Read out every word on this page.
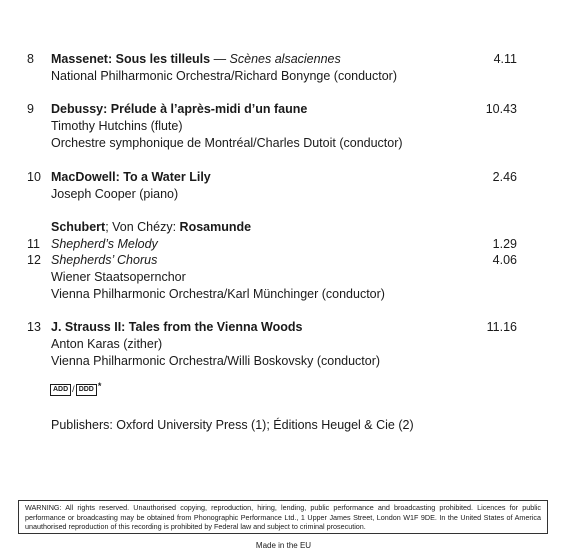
8 Massenet: Sous les tilleuls — Scènes alsaciennes	4.11
National Philharmonic Orchestra/Richard Bonynge (conductor)
9 Debussy: Prélude à l’après-midi d’un faune	10.43
Timothy Hutchins (flute)
Orchestre symphonique de Montréal/Charles Dutoit (conductor)
10 MacDowell: To a Water Lily	2.46
Joseph Cooper (piano)
Schubert; Von Chézy: Rosamunde
11 Shepherd’s Melody	1.29
12 Shepherds’ Chorus	4.06
Wiener Staatsopernchor
Vienna Philharmonic Orchestra/Karl Münchinger (conductor)
13 J. Strauss II: Tales from the Vienna Woods	11.16
Anton Karas (zither)
Vienna Philharmonic Orchestra/Willi Boskovsky (conductor)
ADD / DDD *
Publishers: Oxford University Press (1); Éditions Heugel & Cie (2)
WARNING: All rights reserved. Unauthorised copying, reproduction, hiring, lending, public performance and broadcasting prohibited. Licences for public performance or broadcasting may be obtained from Phonographic Performance Ltd., 1 Upper James Street, London W1F 9DE. In the United States of America unauthorised reproduction of this recording is prohibited by Federal law and subject to criminal prosecution.
Made in the EU
